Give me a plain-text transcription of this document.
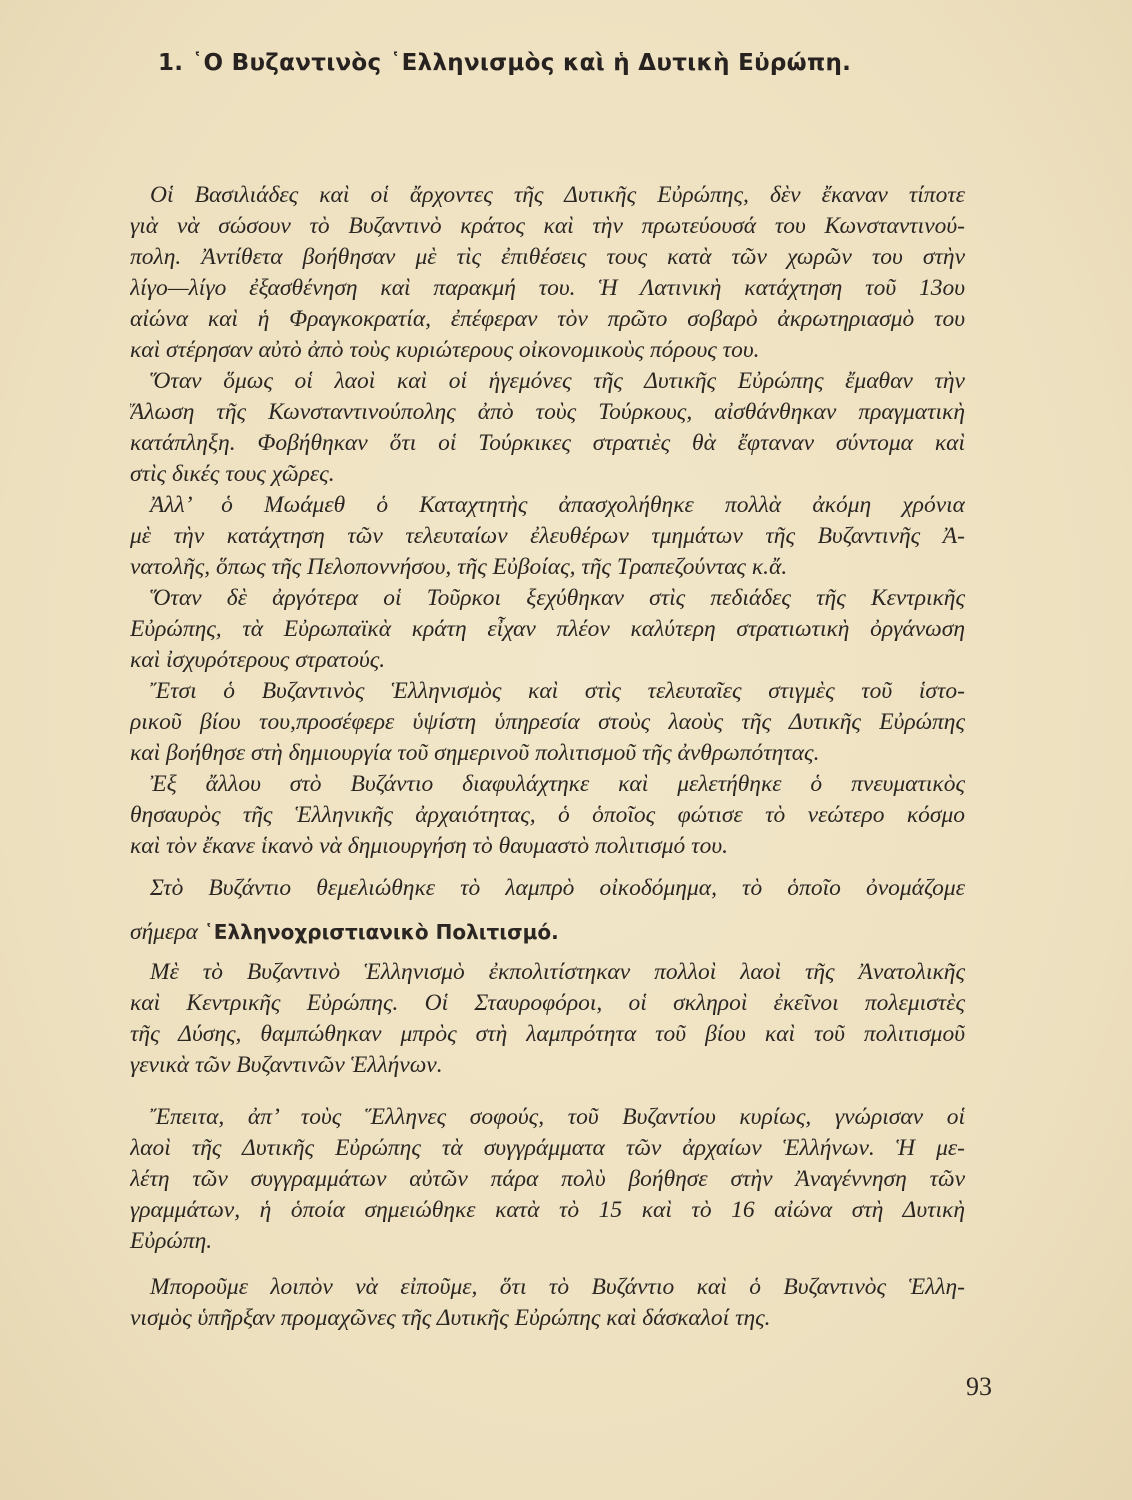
1. ῾Ο Βυζαντινὸς ῾Ελληνισμὸς καὶ ἡ Δυτικὴ Εὐρώπη.
Οἱ Βασιλιάδες καὶ οἱ ἄρχοντες τῆς Δυτικῆς Εὐρώπης, δὲν ἔκαναν τίποτε
γιὰ νὰ σώσουν τὸ Βυζαντινὸ κράτος καὶ τὴν πρωτεύουσά του Κωνσταντινού-
πολη. Ἀντίθετα βοήθησαν μὲ τὶς ἐπιθέσεις τους κατὰ τῶν χωρῶν του στὴν
λίγο—λίγο ἐξασθένηση καὶ παρακμή του. Ἡ Λατινικὴ κατάχτηση τοῦ 13ου
αἰώνα καὶ ἡ Φραγκοκρατία, ἐπέφεραν τὸν πρῶτο σοβαρὸ ἀκρωτηριασμὸ του
καὶ στέρησαν αὐτὸ ἀπὸ τοὺς κυριώτερους οἰκονομικοὺς πόρους του.
Ὅταν ὅμως οἱ λαοὶ καὶ οἱ ἡγεμόνες τῆς Δυτικῆς Εὐρώπης ἔμαθαν τὴν
Ἅλωση τῆς Κωνσταντινούπολης ἀπὸ τοὺς Τούρκους, αἰσθάνθηκαν πραγματικὴ
κατάπληξη. Φοβήθηκαν ὅτι οἱ Τούρκικες στρατιὲς θὰ ἔφταναν σύντομα καὶ
στὶς δικές τους χῶρες.
Ἀλλ’ ὁ Μωάμεθ ὁ Καταχτητὴς ἀπασχολήθηκε πολλὰ ἀκόμη χρόνια
μὲ τὴν κατάχτηση τῶν τελευταίων ἐλευθέρων τμημάτων τῆς Βυζαντινῆς Ἀ-
νατολῆς, ὅπως τῆς Πελοποννήσου, τῆς Εὐβοίας, τῆς Τραπεζούντας κ.ἄ.
Ὅταν δὲ ἀργότερα οἱ Τοῦρκοι ξεχύθηκαν στὶς πεδιάδες τῆς Κεντρικῆς
Εὐρώπης, τὰ Εὐρωπαϊκὰ κράτη εἶχαν πλέον καλύτερη στρατιωτικὴ ὀργάνωση
καὶ ἰσχυρότερους στρατούς.
Ἔτσι ὁ Βυζαντινὸς Ἑλληνισμὸς καὶ στὶς τελευταῖες στιγμὲς τοῦ ἱστο-
ρικοῦ βίου του,προσέφερε ὑψίστη ὑπηρεσία στοὺς λαοὺς τῆς Δυτικῆς Εὐρώπης
καὶ βοήθησε στὴ δημιουργία τοῦ σημερινοῦ πολιτισμοῦ τῆς ἀνθρωπότητας.
Ἐξ ἄλλου στὸ Βυζάντιο διαφυλάχτηκε καὶ μελετήθηκε ὁ πνευματικὸς
θησαυρὸς τῆς Ἑλληνικῆς ἀρχαιότητας, ὁ ὁποῖος φώτισε τὸ νεώτερο κόσμο
καὶ τὸν ἔκανε ἱκανὸ νὰ δημιουργήση τὸ θαυμαστὸ πολιτισμό του.
Στὸ Βυζάντιο θεμελιώθηκε τὸ λαμπρὸ οἰκοδόμημα, τὸ ὁποῖο ὀνομάζομε
σήμερα ῾Ελληνοχριστιανικὸ Πολιτισμό.
Μὲ τὸ Βυζαντινὸ Ἑλληνισμὸ ἐκπολιτίστηκαν πολλοὶ λαοὶ τῆς Ἀνατολικῆς
καὶ Κεντρικῆς Εὐρώπης. Οἱ Σταυροφόροι, οἱ σκληροὶ ἐκεῖνοι πολεμιστὲς
τῆς Δύσης, θαμπώθηκαν μπρὸς στὴ λαμπρότητα τοῦ βίου καὶ τοῦ πολιτισμοῦ
γενικὰ τῶν Βυζαντινῶν Ἑλλήνων.
Ἔπειτα, ἀπ’ τοὺς Ἕλληνες σοφούς, τοῦ Βυζαντίου κυρίως, γνώρισαν οἱ
λαοὶ τῆς Δυτικῆς Εὐρώπης τὰ συγγράμματα τῶν ἀρχαίων Ἑλλήνων. Ἡ με-
λέτη τῶν συγγραμμάτων αὐτῶν πάρα πολὺ βοήθησε στὴν Ἀναγέννηση τῶν
γραμμάτων, ἡ ὁποία σημειώθηκε κατὰ τὸ 15 καὶ τὸ 16 αἰώνα στὴ Δυτικὴ
Εὐρώπη.
Μποροῦμε λοιπὸν νὰ εἰποῦμε, ὅτι τὸ Βυζάντιο καὶ ὁ Βυζαντινὸς Ἑλλη-
νισμὸς ὑπῆρξαν προμαχῶνες τῆς Δυτικῆς Εὐρώπης καὶ δάσκαλοί της.
93
